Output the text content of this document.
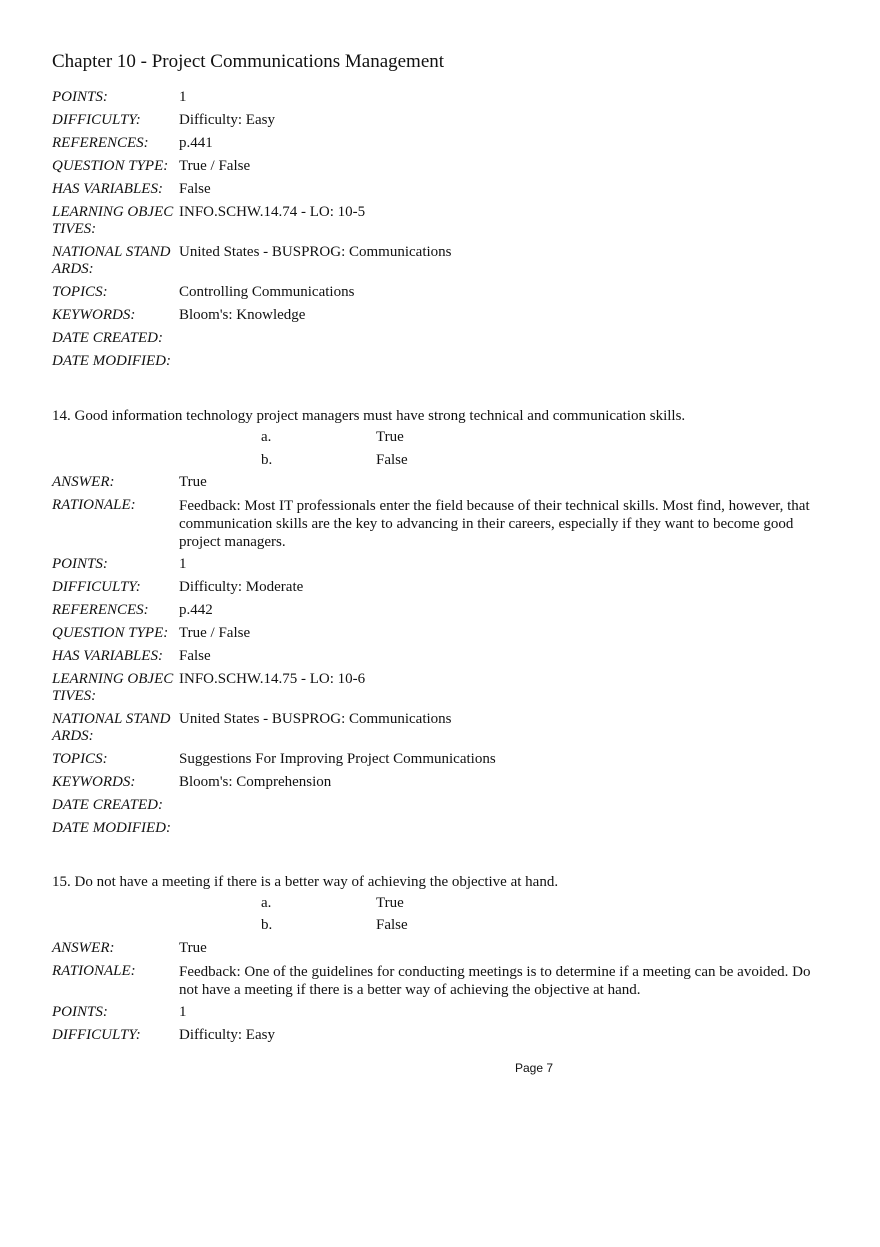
Chapter 10 - Project Communications Management
POINTS:	1
DIFFICULTY:	Difficulty: Easy
REFERENCES:	p.441
QUESTION TYPE: True / False
HAS VARIABLES: False
LEARNING OBJECTIVES:
INFO.SCHW.14.74 - LO: 10-5
NATIONAL STANDARDS:
United States - BUSPROG: Communications
TOPICS:	Controlling Communications
KEYWORDS:	Bloom's: Knowledge
DATE CREATED:
DATE MODIFIED:
14. Good information technology project managers must have strong technical and communication skills.
a.	True
b.	False
ANSWER:	True
RATIONALE:	Feedback: Most IT professionals enter the field because of their technical skills. Most find, however, that communication skills are the key to advancing in their careers, especially if they want to become good project managers.
POINTS:	1
DIFFICULTY:	Difficulty: Moderate
REFERENCES:	p.442
QUESTION TYPE: True / False
HAS VARIABLES: False
LEARNING OBJECTIVES:
INFO.SCHW.14.75 - LO: 10-6
NATIONAL STANDARDS:
United States - BUSPROG: Communications
TOPICS:	Suggestions For Improving Project Communications
KEYWORDS:	Bloom's: Comprehension
DATE CREATED:
DATE MODIFIED:
15. Do not have a meeting if there is a better way of achieving the objective at hand.
a.	True
b.	False
ANSWER:	True
RATIONALE:	Feedback: One of the guidelines for conducting meetings is to determine if a meeting can be avoided. Do not have a meeting if there is a better way of achieving the objective at hand.
POINTS:	1
DIFFICULTY:	Difficulty: Easy
Page 7
